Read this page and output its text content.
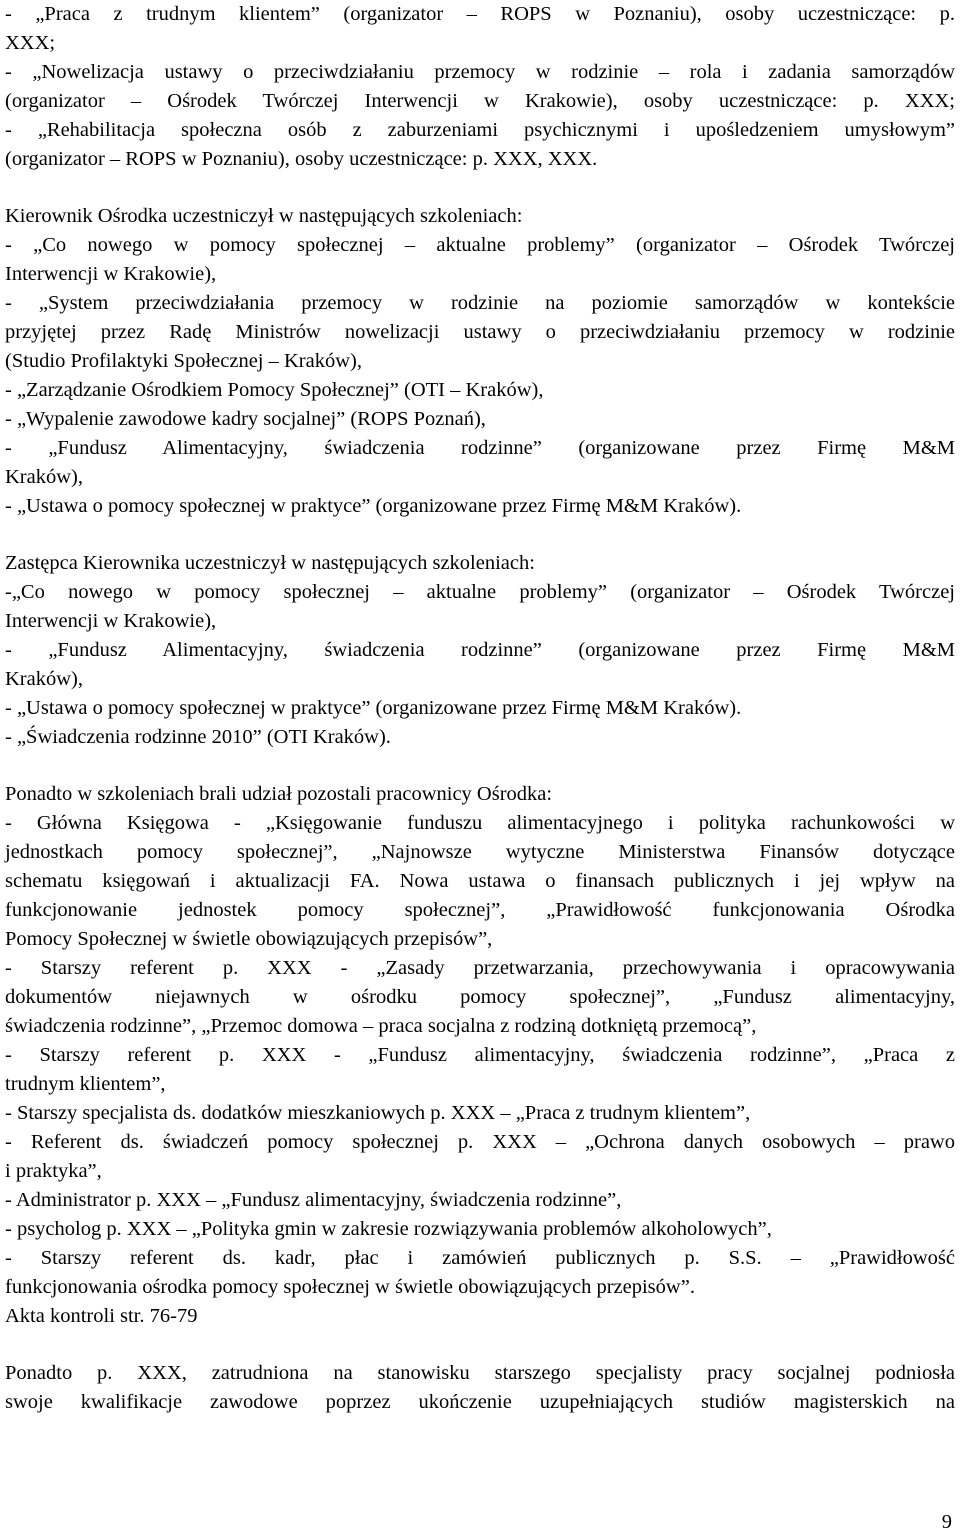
- „Praca z trudnym klientem” (organizator – ROPS w Poznaniu), osoby uczestniczące: p.
XXX;
- „Nowelizacja ustawy o przeciwdziałaniu przemocy w rodzinie – rola i zadania samorządów
(organizator – Ośrodek Twórczej Interwencji w Krakowie), osoby uczestniczące: p. XXX;
- „Rehabilitacja społeczna osób z zaburzeniami psychicznymi i upośledzeniem umysłowym”
(organizator – ROPS w Poznaniu), osoby uczestniczące: p. XXX, XXX.
Kierownik Ośrodka uczestniczył w następujących szkoleniach:
- „Co nowego w pomocy społecznej – aktualne problemy” (organizator – Ośrodek Twórczej
Interwencji w Krakowie),
- „System przeciwdziałania przemocy w rodzinie na poziomie samorządów w kontekście
przyjętej przez Radę Ministrów nowelizacji ustawy o przeciwdziałaniu przemocy w rodzinie
(Studio Profilaktyki Społecznej – Kraków),
- „Zarządzanie Ośrodkiem Pomocy Społecznej” (OTI – Kraków),
- „Wypalenie zawodowe kadry socjalnej” (ROPS Poznań),
- „Fundusz Alimentacyjny, świadczenia rodzinne” (organizowane przez Firmę M&M
Kraków),
- „Ustawa o pomocy społecznej w praktyce” (organizowane przez Firmę M&M Kraków).
Zastępca Kierownika uczestniczył w następujących szkoleniach:
-„Co nowego w pomocy społecznej – aktualne problemy” (organizator – Ośrodek Twórczej
Interwencji w Krakowie),
- „Fundusz Alimentacyjny, świadczenia rodzinne” (organizowane przez Firmę M&M
Kraków),
- „Ustawa o pomocy społecznej w praktyce” (organizowane przez Firmę M&M Kraków).
- „Świadczenia rodzinne 2010” (OTI Kraków).
Ponadto w szkoleniach brali udział pozostali pracownicy Ośrodka:
- Główna Księgowa - „Księgowanie funduszu alimentacyjnego i polityka rachunkowości w
jednostkach pomocy społecznej”, „Najnowsze wytyczne Ministerstwa Finansów dotyczące
schematu księgowań i aktualizacji FA. Nowa ustawa o finansach publicznych i jej wpływ na
funkcjonowanie jednostek pomocy społecznej”, „Prawidłowość funkcjonowania Ośrodka
Pomocy Społecznej w świetle obowiązujących przepisów”,
- Starszy referent p. XXX - „Zasady przetwarzania, przechowywania i opracowywania
dokumentów niejawnych w ośrodku pomocy społecznej”, „Fundusz alimentacyjny,
świadczenia rodzinne”, „Przemoc domowa – praca socjalna z rodziną dotkniętą przemocą”,
- Starszy referent p. XXX - „Fundusz alimentacyjny, świadczenia rodzinne”, „Praca z
trudnym klientem”,
- Starszy specjalista ds. dodatków mieszkaniowych p. XXX – „Praca z trudnym klientem”,
- Referent ds. świadczeń pomocy społecznej p. XXX – „Ochrona danych osobowych – prawo
i praktyka”,
- Administrator p. XXX – „Fundusz alimentacyjny, świadczenia rodzinne”,
- psycholog p. XXX – „Polityka gmin w zakresie rozwiązywania problemów alkoholowych”,
- Starszy referent ds. kadr, płac i zamówień publicznych p. S.S. – „Prawidłowość
funkcjonowania ośrodka pomocy społecznej w świetle obowiązujących przepisów”.
Akta kontroli str. 76-79
Ponadto p. XXX, zatrudniona na stanowisku starszego specjalisty pracy socjalnej podniosła
swoje kwalifikacje zawodowe poprzez ukończenie uzupełniających studiów magisterskich na
9
